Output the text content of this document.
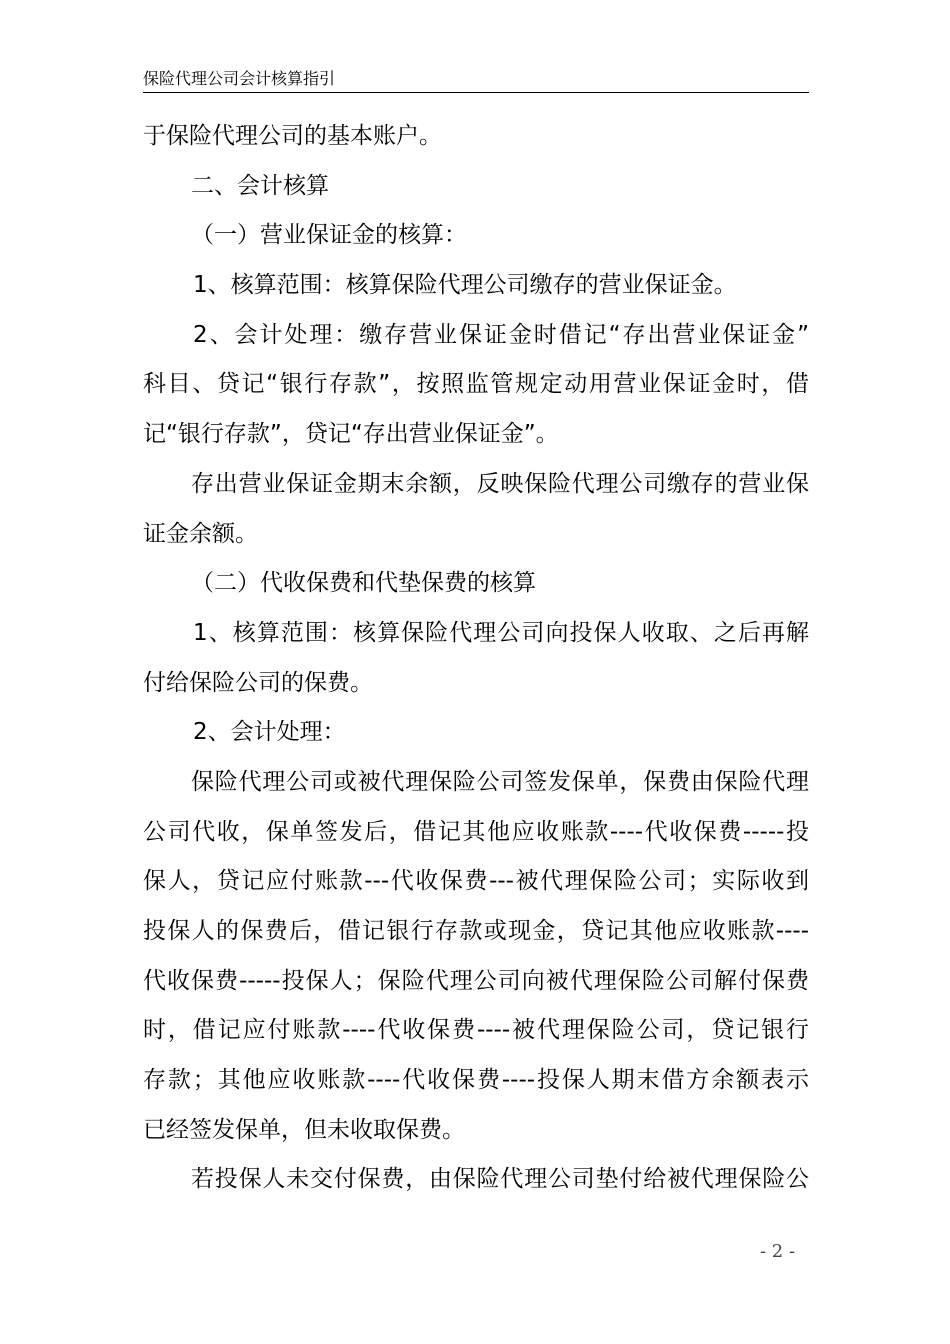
保险代理公司会计核算指引
于保险代理公司的基本账户。
二、会计核算
（一）营业保证金的核算：
1、核算范围：核算保险代理公司缴存的营业保证金。
2、会计处理：缴存营业保证金时借记“存出营业保证金”
科目、贷记“银行存款”，按照监管规定动用营业保证金时，借
记“银行存款”，贷记“存出营业保证金”。
存出营业保证金期末余额，反映保险代理公司缴存的营业保
证金余额。
（二）代收保费和代垫保费的核算
1、核算范围：核算保险代理公司向投保人收取、之后再解
付给保险公司的保费。
2、会计处理：
保险代理公司或被代理保险公司签发保单，保费由保险代理
公司代收，保单签发后，借记其他应收账款----代收保费-----投
保人，贷记应付账款---代收保费---被代理保险公司；实际收到
投保人的保费后，借记银行存款或现金，贷记其他应收账款----
代收保费-----投保人；保险代理公司向被代理保险公司解付保费
时，借记应付账款----代收保费----被代理保险公司，贷记银行
存款；其他应收账款----代收保费----投保人期末借方余额表示
已经签发保单，但未收取保费。
若投保人未交付保费，由保险代理公司垫付给被代理保险公
- 2 -
